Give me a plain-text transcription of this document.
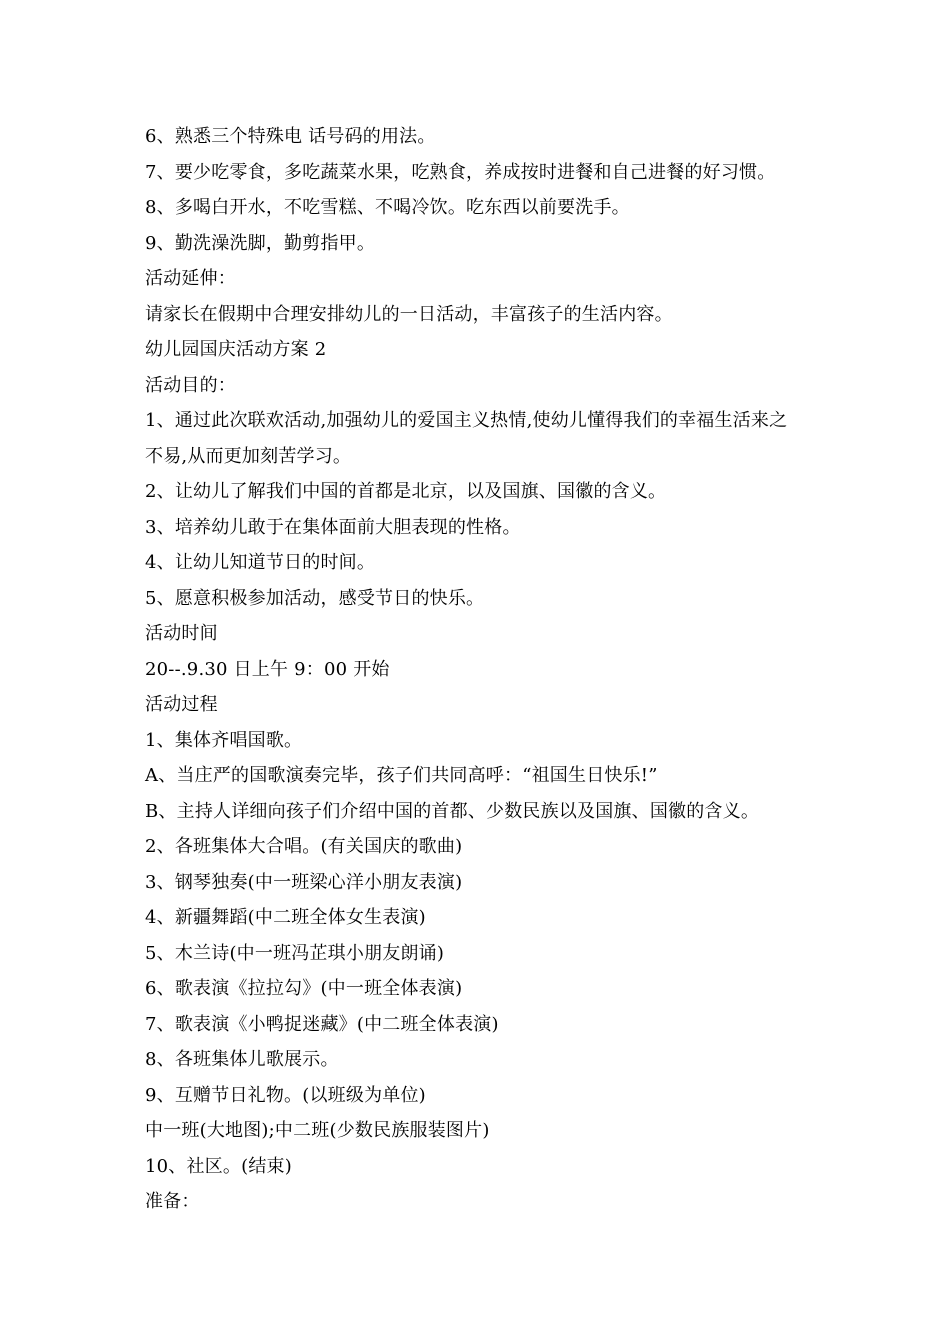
6、熟悉三个特殊电 话号码的用法。
7、要少吃零食，多吃蔬菜水果，吃熟食，养成按时进餐和自己进餐的好习惯。
8、多喝白开水，不吃雪糕、不喝冷饮。吃东西以前要洗手。
9、勤洗澡洗脚，勤剪指甲。
活动延伸：
请家长在假期中合理安排幼儿的一日活动，丰富孩子的生活内容。
幼儿园国庆活动方案 2
活动目的：
1、通过此次联欢活动,加强幼儿的爱国主义热情,使幼儿懂得我们的幸福生活来之
不易,从而更加刻苦学习。
2、让幼儿了解我们中国的首都是北京，以及国旗、国徽的含义。
3、培养幼儿敢于在集体面前大胆表现的性格。
4、让幼儿知道节日的时间。
5、愿意积极参加活动，感受节日的快乐。
活动时间
20--.9.30 日上午 9：00 开始
活动过程
1、集体齐唱国歌。
A、当庄严的国歌演奏完毕，孩子们共同高呼：“祖国生日快乐!”
B、主持人详细向孩子们介绍中国的首都、少数民族以及国旗、国徽的含义。
2、各班集体大合唱。(有关国庆的歌曲)
3、钢琴独奏(中一班梁心洋小朋友表演)
4、新疆舞蹈(中二班全体女生表演)
5、木兰诗(中一班冯芷琪小朋友朗诵)
6、歌表演《拉拉勾》(中一班全体表演)
7、歌表演《小鸭捉迷藏》(中二班全体表演)
8、各班集体儿歌展示。
9、互赠节日礼物。(以班级为单位)
中一班(大地图);中二班(少数民族服装图片)
10、社区。(结束)
准备：
